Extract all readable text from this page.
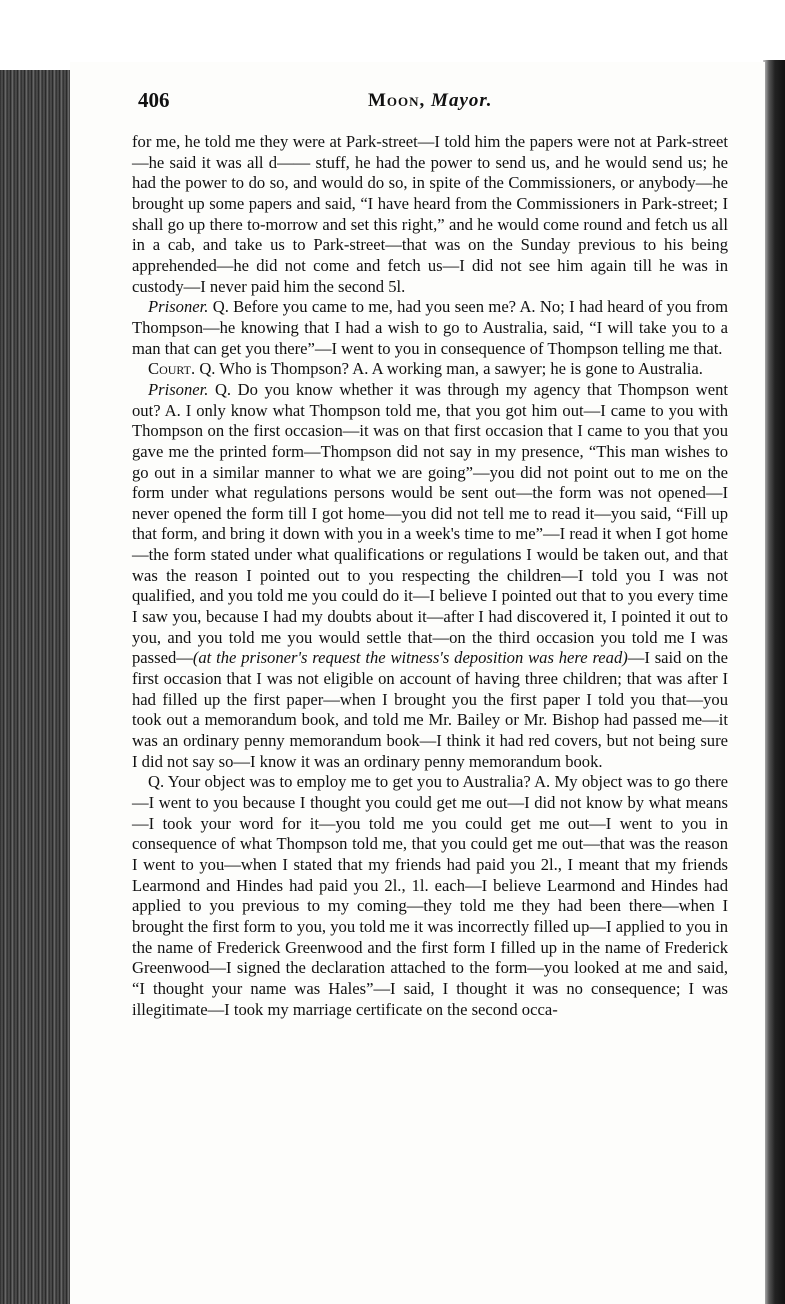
406	Moon, Mayor.

for me, he told me they were at Park-street—I told him the papers were not at Park-street—he said it was all d—— stuff, he had the power to send us, and he would send us; he had the power to do so, and would do so, in spite of the Commissioners, or anybody—he brought up some papers and said, “I have heard from the Commissioners in Park-street; I shall go up there to-morrow and set this right,” and he would come round and fetch us all in a cab, and take us to Park-street—that was on the Sunday previous to his being apprehended—he did not come and fetch us—I did not see him again till he was in custody—I never paid him the second 5l.

Prisoner. Q. Before you came to me, had you seen me? A. No; I had heard of you from Thompson—he knowing that I had a wish to go to Australia, said, “I will take you to a man that can get you there”—I went to you in consequence of Thompson telling me that.

Court. Q. Who is Thompson? A. A working man, a sawyer; he is gone to Australia.

Prisoner. Q. Do you know whether it was through my agency that Thompson went out? A. I only know what Thompson told me, that you got him out—I came to you with Thompson on the first occasion—it was on that first occasion that I came to you that you gave me the printed form—Thompson did not say in my presence, “This man wishes to go out in a similar manner to what we are going”—you did not point out to me on the form under what regulations persons would be sent out—the form was not opened—I never opened the form till I got home—you did not tell me to read it—you said, “Fill up that form, and bring it down with you in a week's time to me”—I read it when I got home—the form stated under what qualifications or regulations I would be taken out, and that was the reason I pointed out to you respecting the children—I told you I was not qualified, and you told me you could do it—I believe I pointed out that to you every time I saw you, because I had my doubts about it—after I had discovered it, I pointed it out to you, and you told me you would settle that—on the third occasion you told me I was passed—(at the prisoner's request the witness's deposition was here read)—I said on the first occasion that I was not eligible on account of having three children; that was after I had filled up the first paper—when I brought you the first paper I told you that—you took out a memorandum book, and told me Mr. Bailey or Mr. Bishop had passed me—it was an ordinary penny memorandum book—I think it had red covers, but not being sure I did not say so—I know it was an ordinary penny memorandum book.

Q. Your object was to employ me to get you to Australia? A. My object was to go there—I went to you because I thought you could get me out—I did not know by what means—I took your word for it—you told me you could get me out—I went to you in consequence of what Thompson told me, that you could get me out—that was the reason I went to you—when I stated that my friends had paid you 2l., I meant that my friends Learmond and Hindes had paid you 2l., 1l. each—I believe Learmond and Hindes had applied to you previous to my coming—they told me they had been there—when I brought the first form to you, you told me it was incorrectly filled up—I applied to you in the name of Frederick Greenwood and the first form I filled up in the name of Frederick Greenwood—I signed the declaration attached to the form—you looked at me and said, “I thought your name was Hales”—I said, I thought it was no consequence; I was illegitimate—I took my marriage certificate on the second occa-
